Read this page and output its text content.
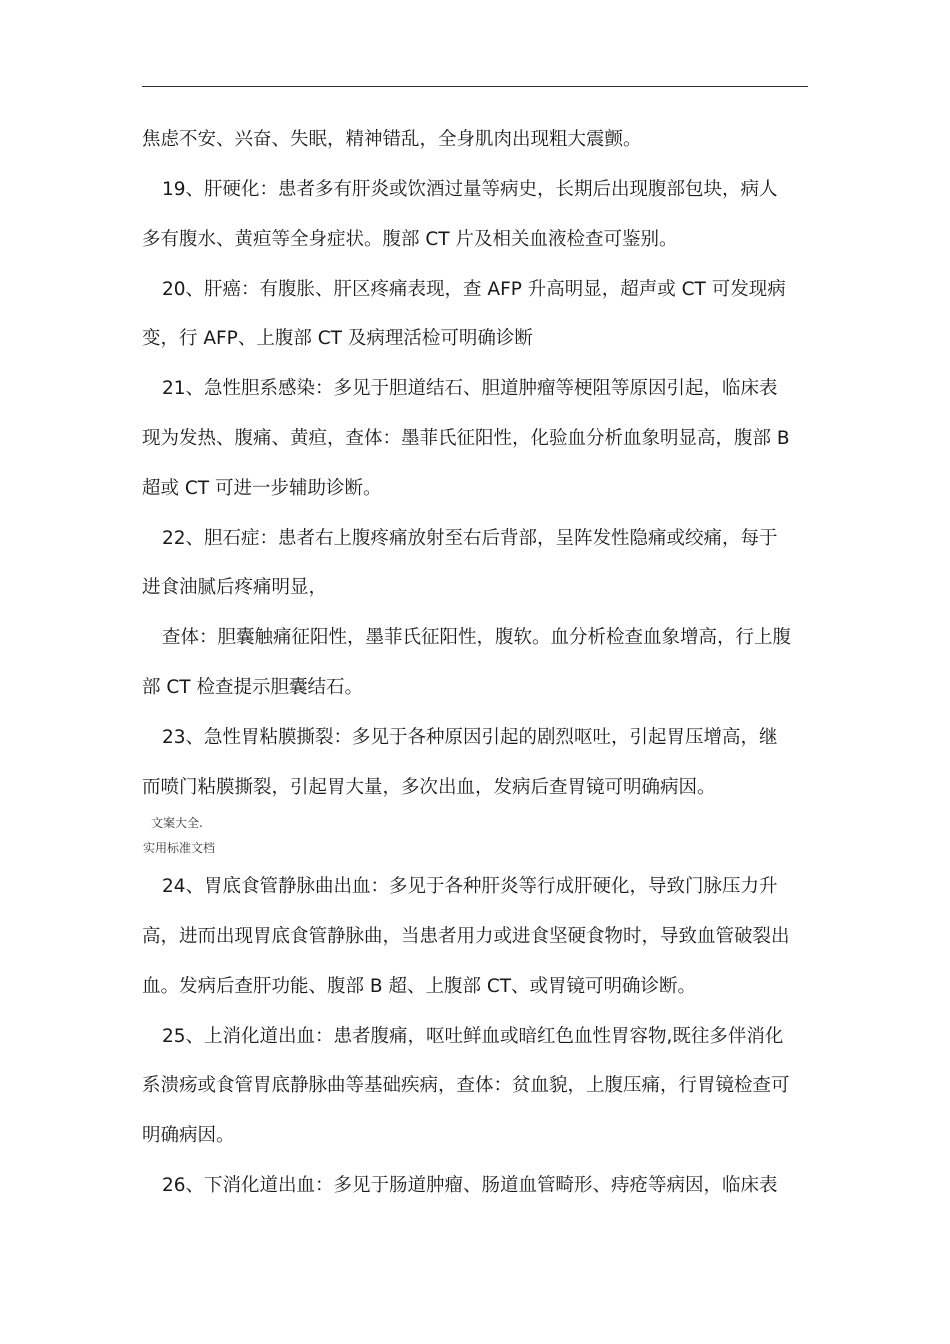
焦虑不安、兴奋、失眠，精神错乱，全身肌肉出现粗大震颤。
19、肝硬化：患者多有肝炎或饮酒过量等病史，长期后出现腹部包块，病人
多有腹水、黄疸等全身症状。腹部 CT 片及相关血液检查可鉴别。
20、肝癌：有腹胀、肝区疼痛表现，查 AFP 升高明显，超声或 CT 可发现病
变，行 AFP、上腹部 CT 及病理活检可明确诊断
21、急性胆系感染：多见于胆道结石、胆道肿瘤等梗阻等原因引起，临床表
现为发热、腹痛、黄疸，查体：墨菲氏征阳性，化验血分析血象明显高，腹部 B
超或 CT 可进一步辅助诊断。
22、胆石症：患者右上腹疼痛放射至右后背部，呈阵发性隐痛或绞痛，每于
进食油腻后疼痛明显，
查体：胆囊触痛征阳性，墨菲氏征阳性，腹软。血分析检查血象增高，行上腹
部 CT 检查提示胆囊结石。
23、急性胃粘膜撕裂：多见于各种原因引起的剧烈呕吐，引起胃压增高，继
而喷门粘膜撕裂，引起胃大量，多次出血，发病后查胃镜可明确病因。
文案大全.
实用标准文档
24、胃底食管静脉曲出血：多见于各种肝炎等行成肝硬化，导致门脉压力升
高，进而出现胃底食管静脉曲，当患者用力或进食坚硬食物时，导致血管破裂出
血。发病后查肝功能、腹部 B 超、上腹部 CT、或胃镜可明确诊断。
25、上消化道出血：患者腹痛，呕吐鲜血或暗红色血性胃容物,既往多伴消化
系溃疡或食管胃底静脉曲等基础疾病，查体：贫血貌，上腹压痛，行胃镜检查可
明确病因。
26、下消化道出血：多见于肠道肿瘤、肠道血管畸形、痔疮等病因，临床表
